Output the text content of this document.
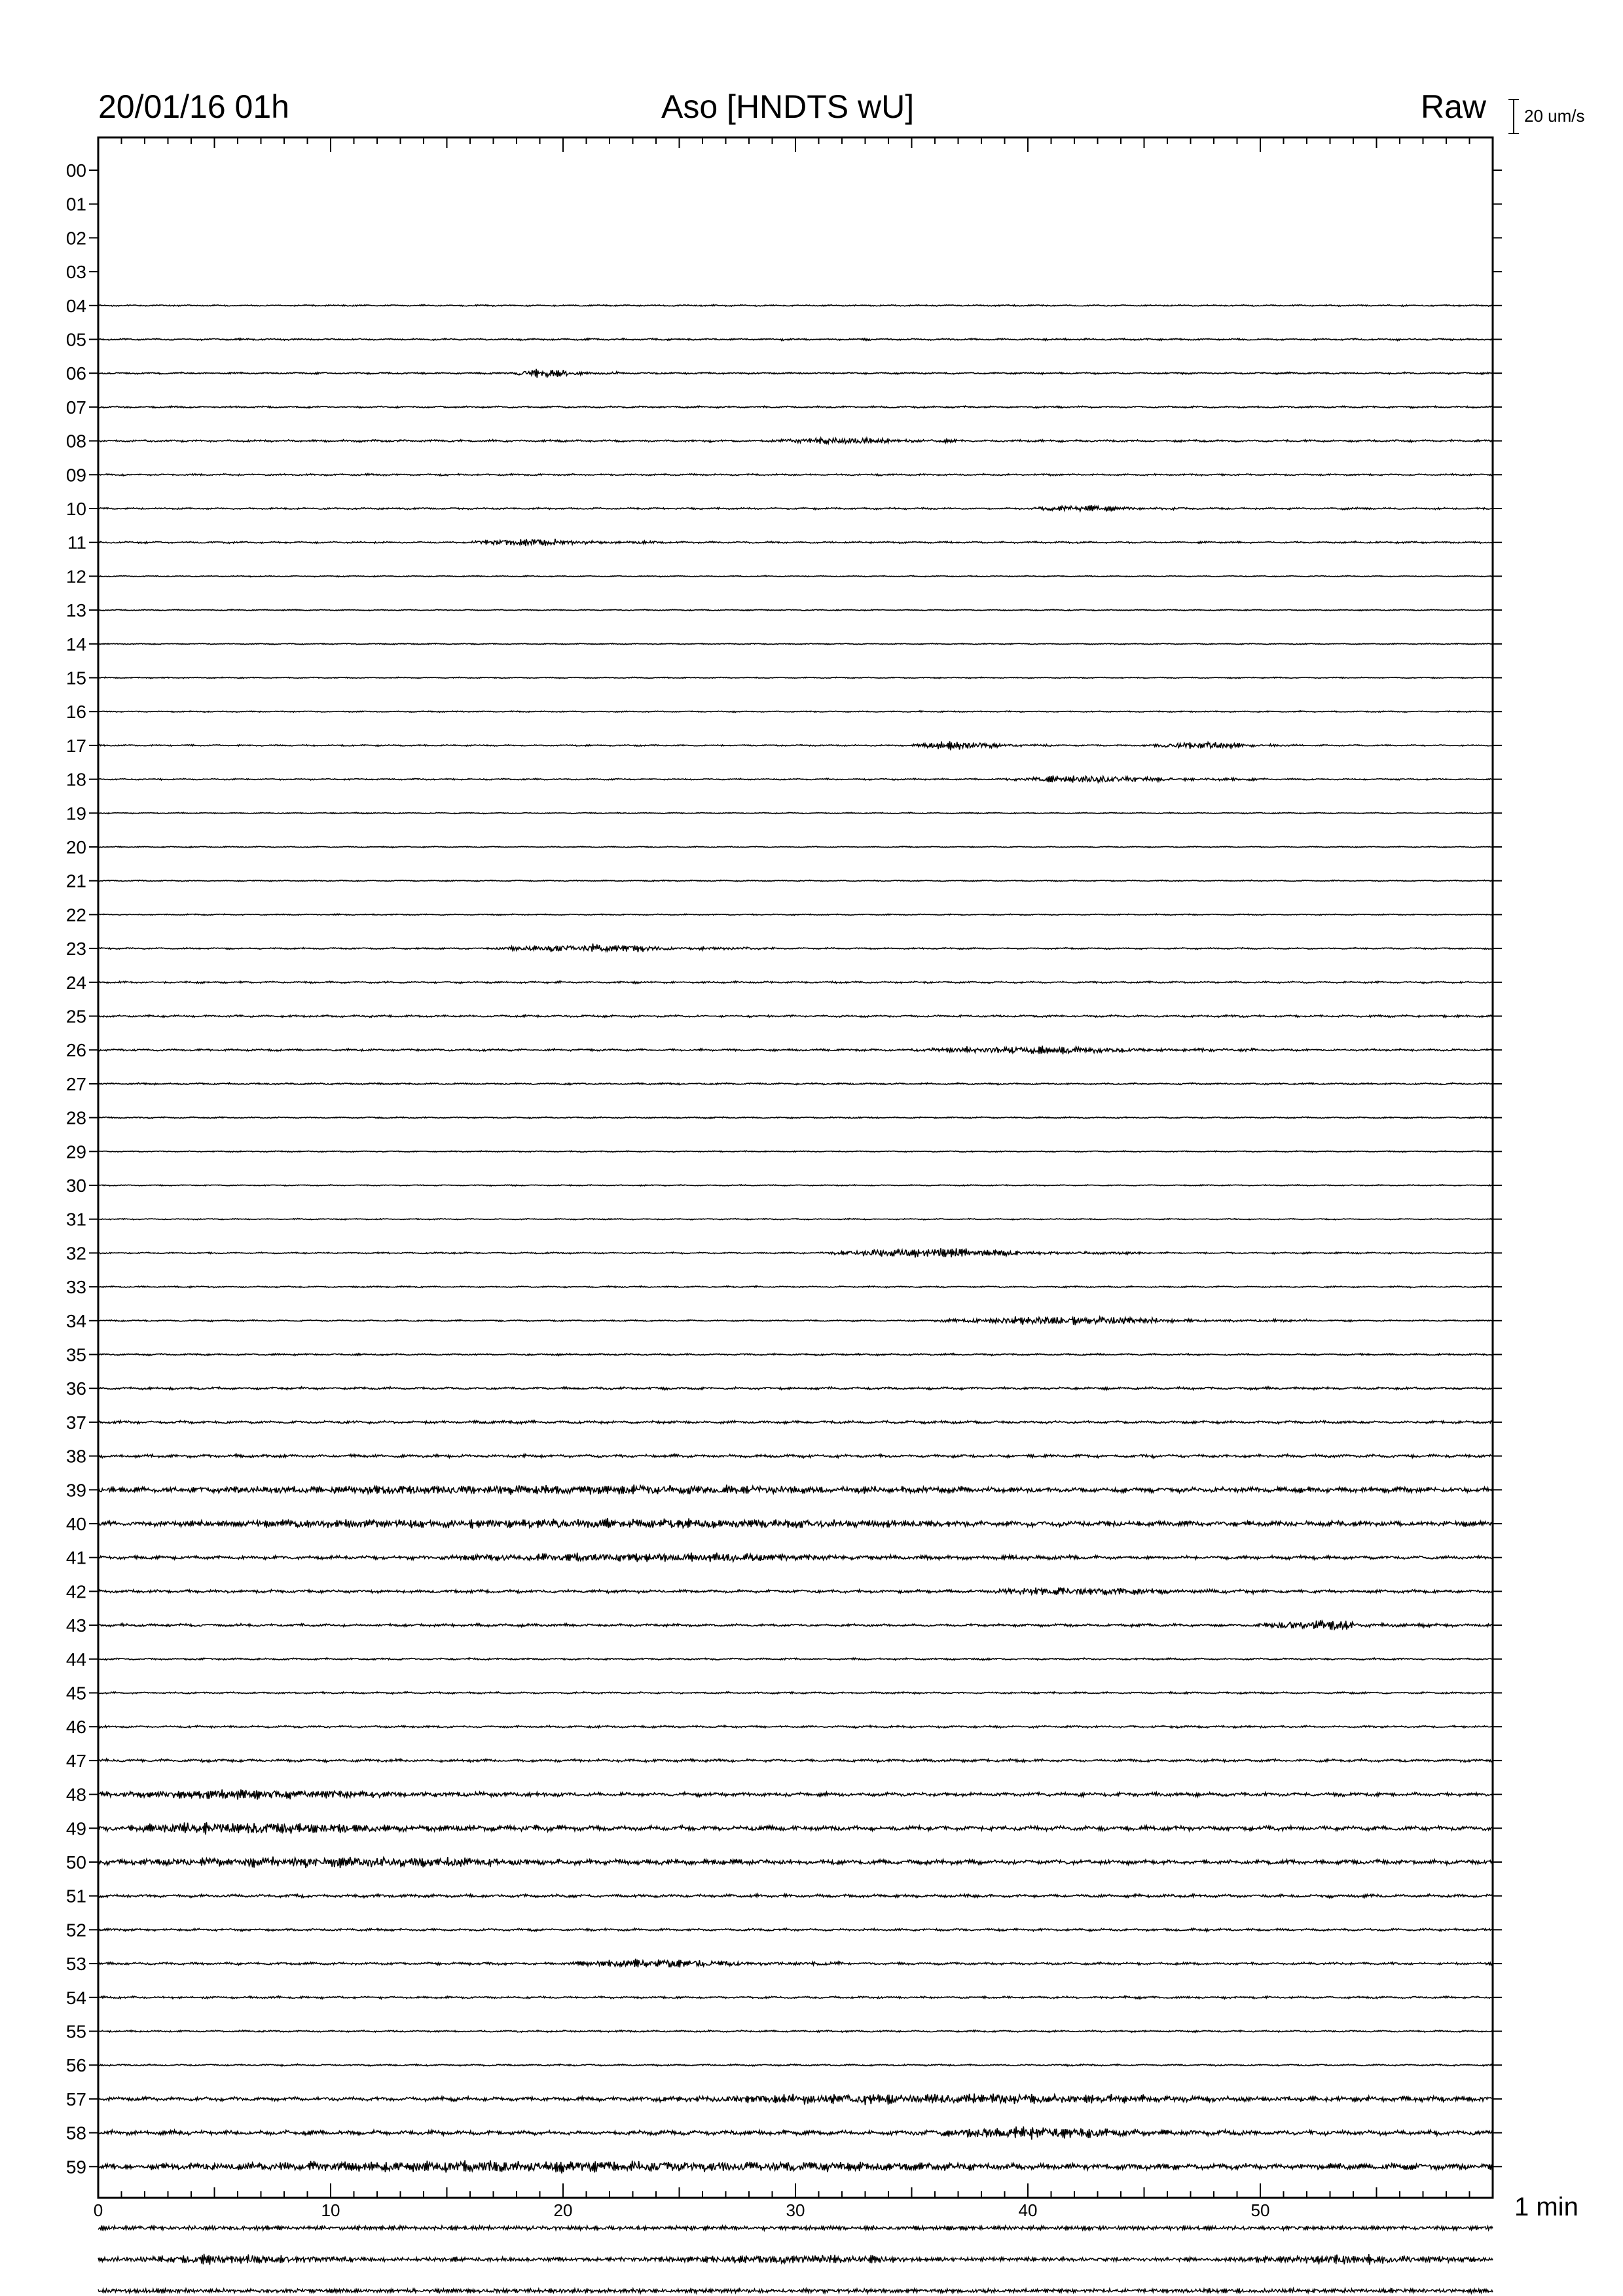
00
01
02
03
04
05
06
07
08
09
10
11
12
13
14
15
16
17
18
19
20
21
22
23
24
25
26
27
28
29
30
31
32
33
34
35
36
37
38
39
40
41
42
43
44
45
46
47
48
49
50
51
52
53
54
55
56
57
58
59
0	10	20	30	40	50
20/01/16 01h	Aso [HNDTS wU]	Raw 20 um/s
1 min
